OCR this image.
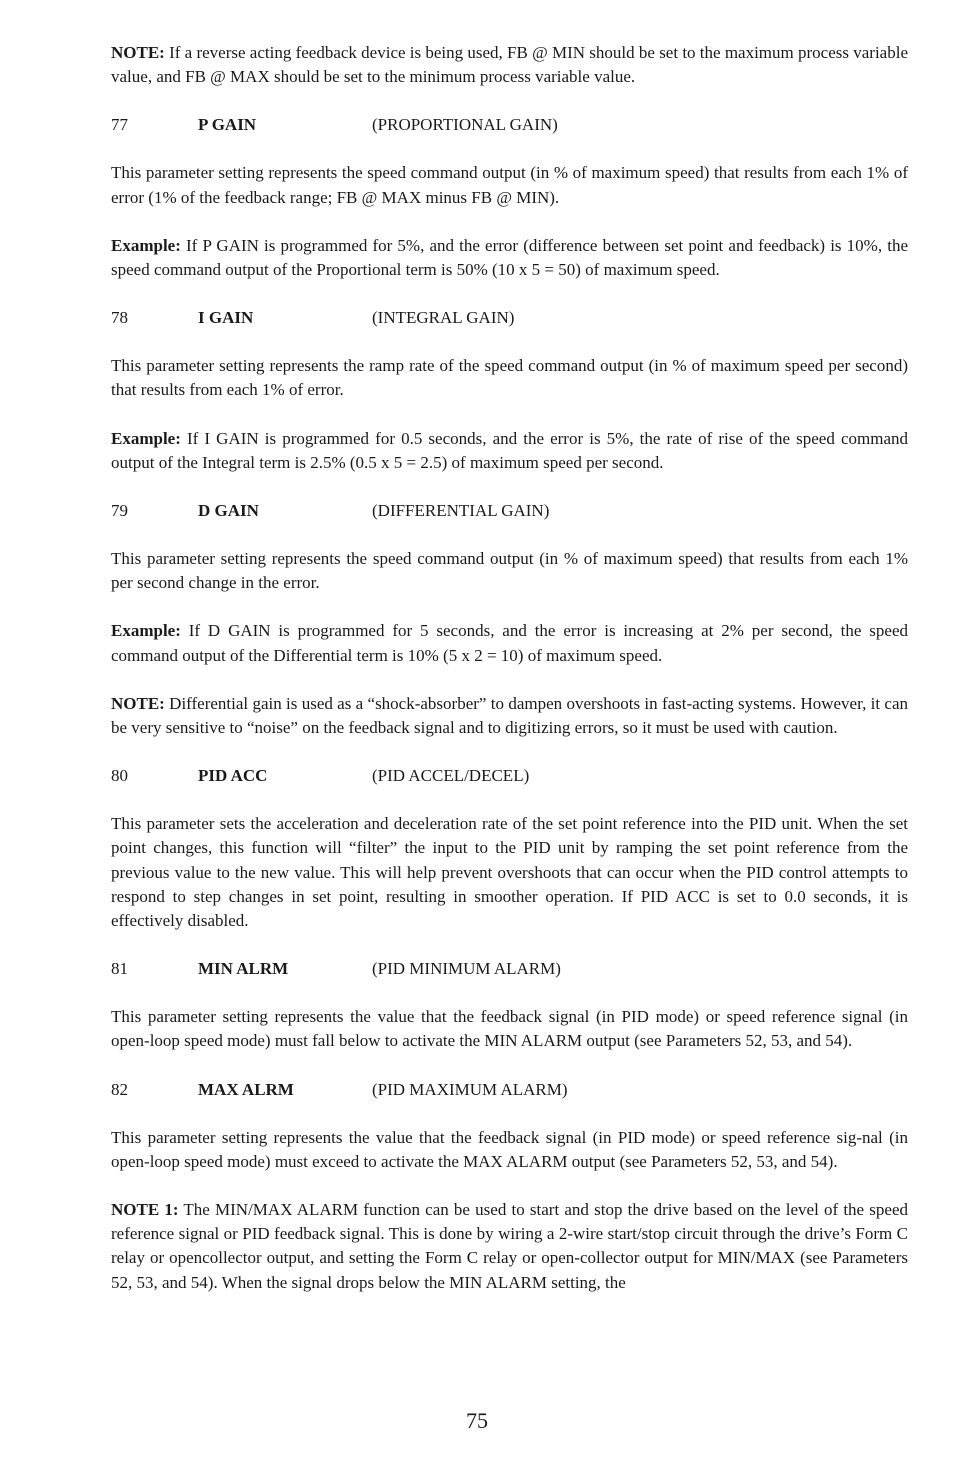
NOTE: If a reverse acting feedback device is being used, FB @ MIN should be set to the maximum process variable value, and FB @ MAX should be set to the minimum process variable value.

77	P GAIN	(PROPORTIONAL GAIN)

This parameter setting represents the speed command output (in % of maximum speed) that results from each 1% of error (1% of the feedback range; FB @ MAX minus FB @ MIN).

Example: If P GAIN is programmed for 5%, and the error (difference between set point and feedback) is 10%, the speed command output of the Proportional term is 50% (10 x 5 = 50) of maximum speed.

78	I GAIN	(INTEGRAL GAIN)

This parameter setting represents the ramp rate of the speed command output (in % of maximum speed per second) that results from each 1% of error.

Example: If I GAIN is programmed for 0.5 seconds, and the error is 5%, the rate of rise of the speed command output of the Integral term is 2.5% (0.5 x 5 = 2.5) of maximum speed per second.

79	D GAIN	(DIFFERENTIAL GAIN)

This parameter setting represents the speed command output (in % of maximum speed) that results from each 1% per second change in the error.

Example: If D GAIN is programmed for 5 seconds, and the error is increasing at 2% per second, the speed command output of the Differential term is 10% (5 x 2 = 10) of maximum speed.

NOTE: Differential gain is used as a “shock-absorber” to dampen overshoots in fast-acting systems. However, it can be very sensitive to “noise” on the feedback signal and to digitizing errors, so it must be used with caution.

80	PID ACC	(PID ACCEL/DECEL)

This parameter sets the acceleration and deceleration rate of the set point reference into the PID unit. When the set point changes, this function will “filter” the input to the PID unit by ramping the set point reference from the previous value to the new value. This will help prevent overshoots that can occur when the PID control attempts to respond to step changes in set point, resulting in smoother operation. If PID ACC is set to 0.0 seconds, it is effectively disabled.

81	MIN ALRM	(PID MINIMUM ALARM)

This parameter setting represents the value that the feedback signal (in PID mode) or speed reference signal (in open-loop speed mode) must fall below to activate the MIN ALARM output (see Parameters 52, 53, and 54).

82	MAX ALRM	(PID MAXIMUM ALARM)

This parameter setting represents the value that the feedback signal (in PID mode) or speed reference sig-nal (in open-loop speed mode) must exceed to activate the MAX ALARM output (see Parameters 52, 53, and 54).

NOTE 1: The MIN/MAX ALARM function can be used to start and stop the drive based on the level of the speed reference signal or PID feedback signal. This is done by wiring a 2-wire start/stop circuit through the drive’s Form C relay or opencollector output, and setting the Form C relay or open-collector output for MIN/MAX (see Parameters 52, 53, and 54). When the signal drops below the MIN ALARM setting, the

75
